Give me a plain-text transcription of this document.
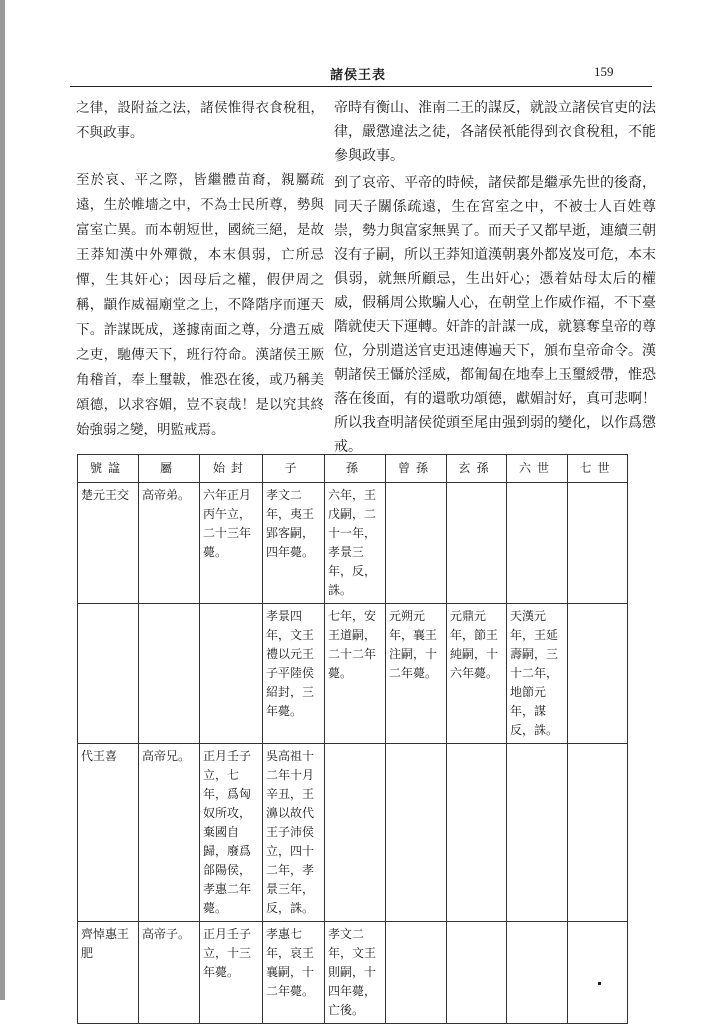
諸侯王表	159

之律，設附益之法，諸侯惟得衣食稅租，不與政事。

至於哀、平之際，皆繼體苗裔，親屬疏遠，生於帷墻之中，不為士民所尊，勢與富室亡異。而本朝短世，國統三絕，是故王莽知漢中外殫微，本末俱弱，亡所忌憚，生其奸心；因母后之權，假伊周之稱，顓作威福廟堂之上，不降階序而運天下。詐謀既成，遂據南面之尊，分遣五威之吏，馳傳天下，班行符命。漢諸侯王厥角稽首，奉上璽韍，惟恐在後，或乃稱美頌德，以求容媚，豈不哀哉！是以究其終始強弱之變，明監戒焉。

帝時有衡山、淮南二王的謀反，就設立諸侯官吏的法律，嚴懲違法之徒，各諸侯衹能得到衣食稅租，不能參與政事。

到了哀帝、平帝的時候，諸侯都是繼承先世的後裔，同天子關係疏遠，生在宮室之中，不被士人百姓尊崇，勢力與富家無異了。而天子又都早逝，連續三朝沒有子嗣，所以王莽知道漢朝裏外都岌岌可危，本末俱弱，就無所顧忌，生出奸心；憑着姑母太后的權威，假稱周公欺騙人心，在朝堂上作威作福，不下臺階就使天下運轉。奸詐的計謀一成，就篡奪皇帝的尊位，分別遣送官吏迅速傳遍天下，頒布皇帝命令。漢朝諸侯王懾於淫威，都匍匐在地奉上玉璽綬帶，惟恐落在後面，有的還歌功頌德，獻媚討好，真可悲啊！所以我查明諸侯從頭至尾由强到弱的變化，以作爲懲戒。

號諡	屬	始封	子	孫	曾孫	玄孫	六世	七世
楚元王交	高帝弟。	六年正月丙午立，二十三年薨。	孝文二年，夷王郢客嗣，四年薨。	六年，王戊嗣，二十一年，孝景三年，反，誅。				
			孝景四年，文王禮以元王子平陸侯紹封，三年薨。	七年，安王道嗣，二十二年薨。	元朔元年，襄王注嗣，十二年薨。	元鼎元年，節王純嗣，十六年薨。	天漢元年，王延壽嗣，三十二年，地節元年，謀反，誅。	
代王喜	高帝兄。	正月壬子立，七年，爲匈奴所攻，棄國自歸，廢爲郃陽侯，孝惠二年薨。	吳高祖十二年十月辛丑，王濞以故代王子沛侯立，四十二年，孝景三年，反，誅。					
齊悼惠王肥	高帝子。	正月壬子立，十三年薨。	孝惠七年，哀王襄嗣，十二年薨。	孝文二年，文王則嗣，十四年薨，亡後。				
